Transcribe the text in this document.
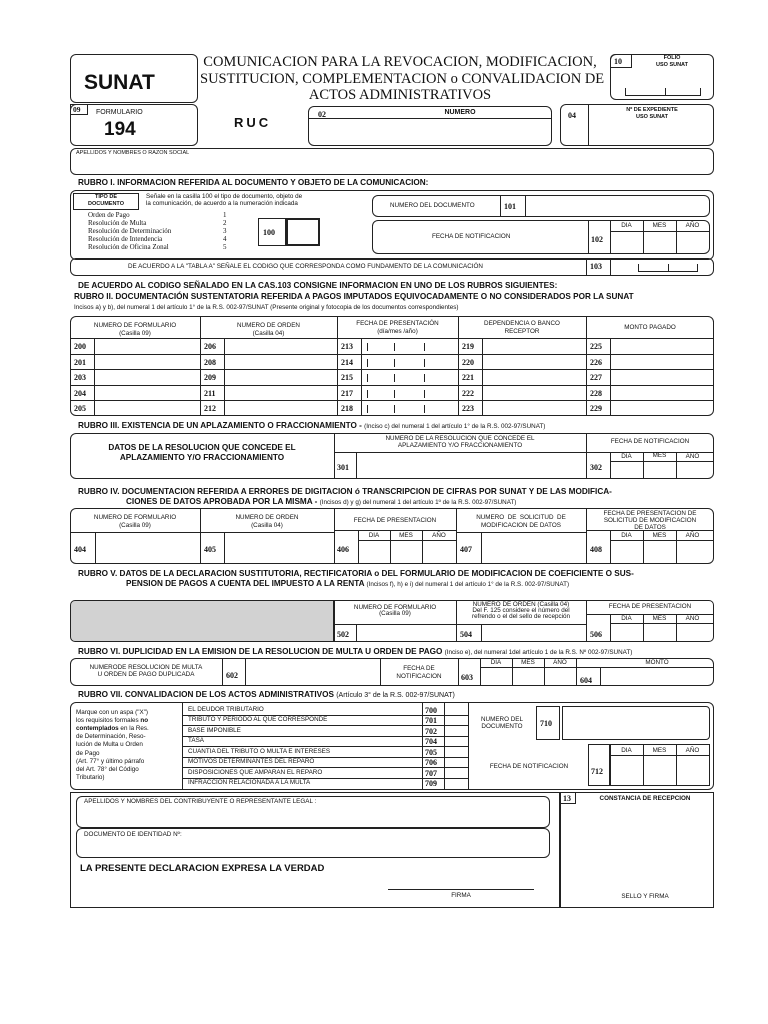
SUNAT
COMUNICACION PARA LA REVOCACION, MODIFICACION,
SUSTITUCION, COMPLEMENTACION o CONVALIDACION DE
ACTOS ADMINISTRATIVOS
10	FOLIO
USO SUNAT
09 FORMULARIO
194	RUC
02	NUMERO	04
Nº DE EXPEDIENTE
USO SUNAT
APELLIDOS Y NOMBRES O RAZON SOCIAL
RUBRO I. INFORMACION REFERIDA AL DOCUMENTO Y OBJETO DE LA COMUNICACION:
TIPO DE
DOCUMENTO
Señale en la casilla 100 el tipo de documento, objeto de
la comunicación, de acuerdo a la numeración indicada
Orden de Pago	1
Resolución de Multa	2
Resolución de Determinación	3
Resolución de Intendencia	4
Resolución de Oficina Zonal	5
100
NUMERO DEL DOCUMENTO	101
FECHA DE NOTIFICACION	102
DIA	MES	AÑO
DE ACUERDO A LA "TABLA A" SEÑALE EL CODIGO QUE CORRESPONDA COMO FUNDAMENTO DE LA COMUNICACIÓN	103
DE ACUERDO AL CODIGO SEÑALADO EN LA CAS.103 CONSIGNE INFORMACION EN UNO DE LOS RUBROS SIGUIENTES:
RUBRO II. DOCUMENTACIÓN SUSTENTATORIA REFERIDA A PAGOS IMPUTADOS EQUIVOCADAMENTE O NO CONSIDERADOS POR LA SUNAT
Incisos a) y b), del numeral 1 del artículo 1° de la R.S. 002-97/SUNAT (Presente original y fotocopia de los documentos correspondientes)
NUMERO DE FORMULARIO
(Casilla 09)
NUMERO DE ORDEN
(Casilla 04)
FECHA DE PRESENTACIÓN
(día/mes /año)
DEPENDENCIA O BANCO
RECEPTOR
MONTO PAGADO
200	206	213	219	225
201	208	214	220	226
203	209	215	221	227
204	211	217	222	228
205	212	218	223	229
RUBRO III. EXISTENCIA DE UN APLAZAMIENTO O FRACCIONAMIENTO - (Inciso c) del numeral 1 del artículo 1° de la R.S. 002-97/SUNAT)
DATOS DE LA RESOLUCION QUE CONCEDE EL
APLAZAMIENTO Y/O FRACCIONAMIENTO
NUMERO DE LA RESOLUCION QUE CONCEDE EL
APLAZAMIENTO Y/O FRACCIONAMIENTO
301
FECHA DE NOTIFICACION
302
DIA	MES	AÑO
RUBRO IV. DOCUMENTACION REFERIDA A ERRORES DE DIGITACION ó TRANSCRIPCION DE CIFRAS POR SUNAT Y DE LAS MODIFICA-
CIONES DE DATOS APROBADA POR LA MISMA - (Incisos d) y g) del numeral 1 del artículo 1º de la R.S. 002-97/SUNAT)
NUMERO DE FORMULARIO
(Casilla 09)
NUMERO DE ORDEN
(Casilla 04)
FECHA DE PRESENTACION	NUMERO  DE  SOLICITUD  DE
MODIFICACION DE DATOS
FECHA DE PRESENTACION DE
SOLICITUD DE MODIFICACION
DE DATOS
404	405	406
DIA	MES	AÑO
407	408
DIA	MES	AÑO
RUBRO V. DATOS DE LA DECLARACION SUSTITUTORIA, RECTIFICATORIA o DEL FORMULARIO DE MODIFICACION DE COEFICIENTE O SUS-
PENSION DE PAGOS A CUENTA DEL IMPUESTO A LA RENTA (Incisos f), h) e i) del numeral 1 del artículo 1° de la R.S. 002-97/SUNAT)
NUMERO DE FORMULARIO
(Casilla 09)
NUMERO DE ORDEN (Casilla 04)
Del F. 125 considere el número del
refrendo o el del sello de recepción
FECHA DE PRESENTACION
502	504	506
DIA	MES	AÑO
RUBRO VI. DUPLICIDAD EN LA EMISION DE LA RESOLUCION DE MULTA U ORDEN DE PAGO (Inciso e), del numeral 1del artículo 1 de la R.S. Nº 002-97/SUNAT)
NUMERODE RESOLUCION DE MULTA
U ORDEN DE PAGO DUPLICADA	602
FECHA DE
NOTIFICACION	603
DIA	MES	AÑO	MONTO
604
RUBRO VII. CONVALIDACION DE LOS ACTOS ADMINISTRATIVOS (Artículo 3° de la R.S. 002-97/SUNAT)
Marque con un aspa ("X")
los requisitos formales no
contemplados en la Res.
de Determinación, Reso-
lución de Multa u Orden
de Pago
(Art. 77° y último párrafo
del Art. 78° del Código
Tributario)
EL DEUDOR TRIBUTARIO	700
TRIBUTO Y PERIODO AL QUE CORRESPONDE	701
BASE IMPONIBLE	702
TASA	704
CUANTIA DEL TRIBUTO O MULTA E INTERESES	705
MOTIVOS DETERMINANTES DEL REPARO	706
DISPOSICIONES QUE AMPARAN EL REPARO	707
INFRACCION RELACIONADA A LA MULTA	709
NUMERO DEL
DOCUMENTO	710
FECHA DE NOTIFICACION
712
DIA	MES	AÑO
APELLIDOS Y NOMBRES DEL CONTRIBUYENTE O REPRESENTANTE LEGAL :
DOCUMENTO DE IDENTIDAD Nº:
LA PRESENTE DECLARACION EXPRESA LA VERDAD
FIRMA
13	CONSTANCIA DE RECEPCION
SELLO Y FIRMA
